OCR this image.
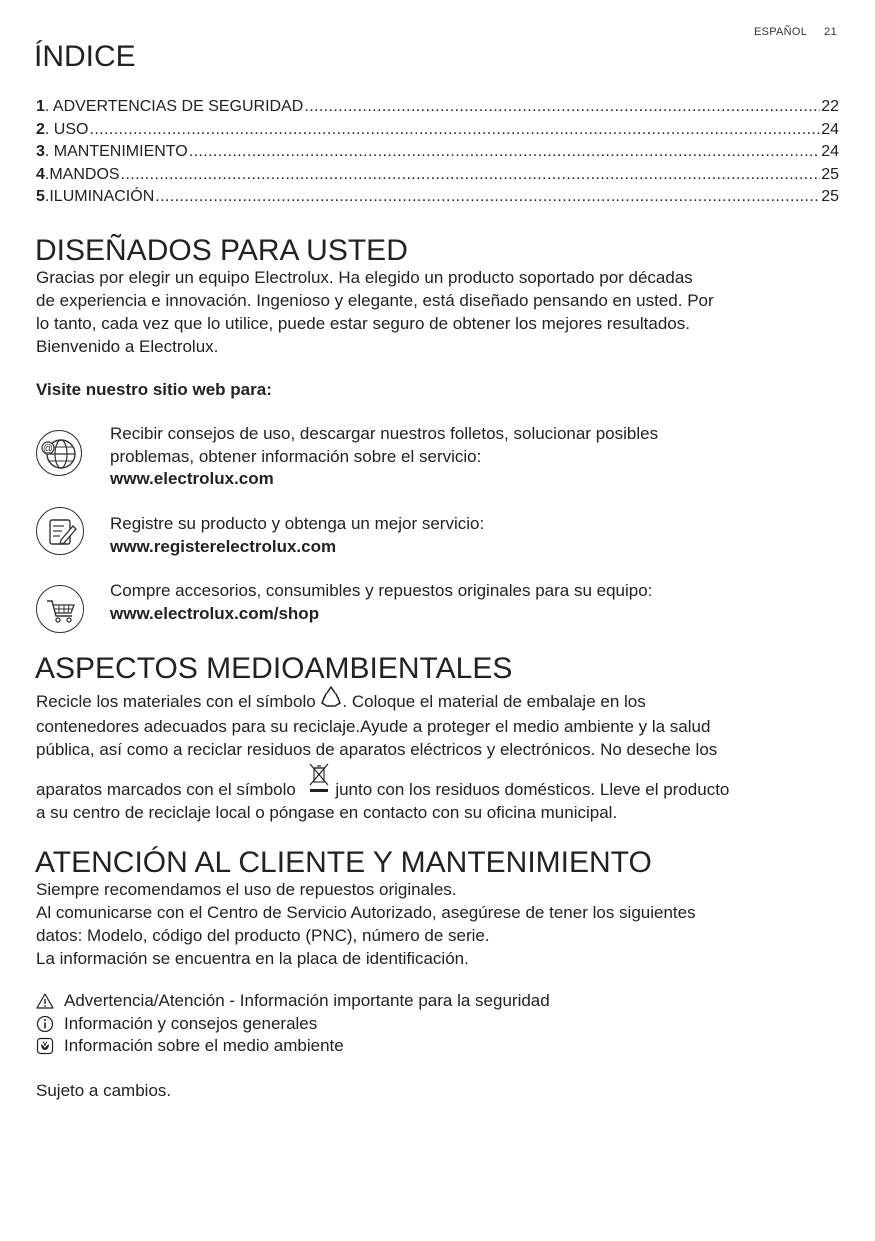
ESPAÑOL 21
ÍNDICE
1 . ADVERTENCIAS DE SEGURIDAD .....	22
2 . USO .....	24
3 . MANTENIMIENTO .....	24
4 .MANDOS .....	25
5 .ILUMINACIÓN .....	25
DISEÑADOS PARA USTED
Gracias por elegir un equipo Electrolux. Ha elegido un producto soportado por décadas
de experiencia e innovación. Ingenioso y elegante, está diseñado pensando en usted. Por
lo tanto, cada vez que lo utilice, puede estar seguro de obtener los mejores resultados.
Bienvenido a Electrolux.
Visite nuestro sitio web para:
@
Recibir consejos de uso, descargar nuestros folletos, solucionar posibles
problemas, obtener información sobre el servicio:
www.electrolux.com
Registre su producto y obtenga un mejor servicio:
www.registerelectrolux.com
Compre accesorios, consumibles y repuestos originales para su equipo:
www.electrolux.com/shop
ASPECTOS MEDIOAMBIENTALES
Recicle los materiales con el símbolo . Coloque el material de embalaje en los
contenedores adecuados para su reciclaje.Ayude a proteger el medio ambiente y la salud
pública, así como a reciclar residuos de aparatos eléctricos y electrónicos. No deseche los
aparatos marcados con el símbolo junto con los residuos domésticos. Lleve el producto
a su centro de reciclaje local o póngase en contacto con su oficina municipal.
ATENCIÓN AL CLIENTE Y MANTENIMIENTO
Siempre recomendamos el uso de repuestos originales.
Al comunicarse con el Centro de Servicio Autorizado, asegúrese de tener los siguientes
datos: Modelo, código del producto (PNC), número de serie.
La información se encuentra en la placa de identificación.
Advertencia/Atención - Información importante para la seguridad
Información y consejos generales
Información sobre el medio ambiente
Sujeto a cambios.
